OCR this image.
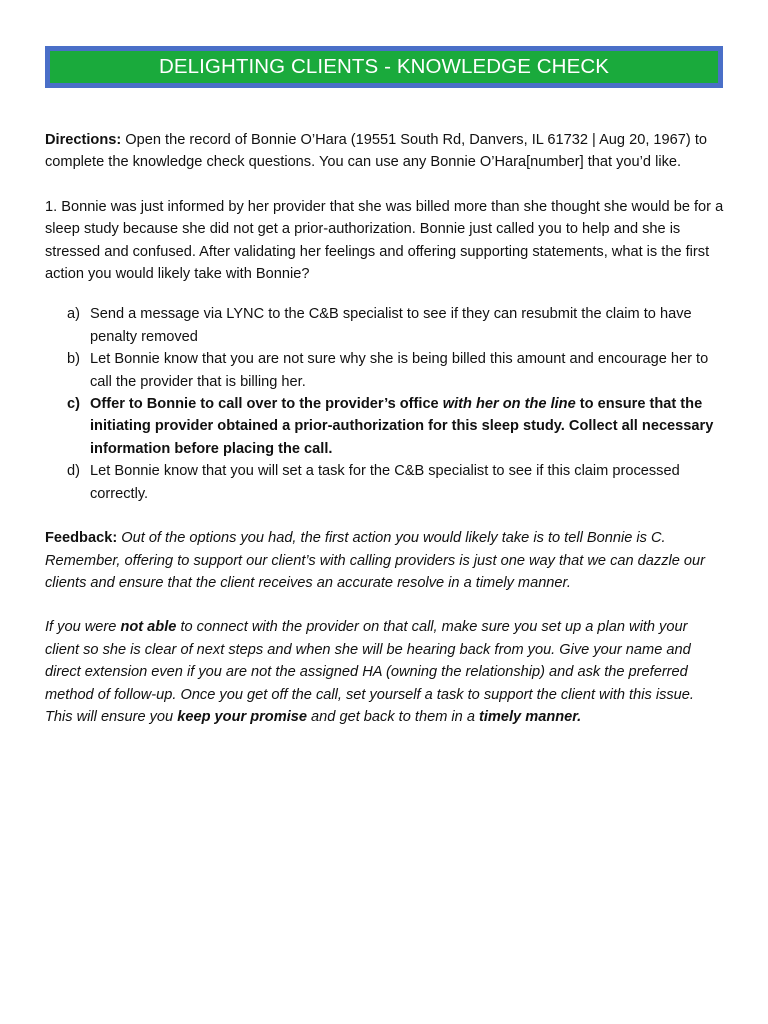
DELIGHTING CLIENTS - KNOWLEDGE CHECK

Directions: Open the record of Bonnie O’Hara (19551 South Rd, Danvers, IL 61732 | Aug 20, 1967) to complete the knowledge check questions. You can use any Bonnie O’Hara[number] that you’d like.

1. Bonnie was just informed by her provider that she was billed more than she thought she would be for a sleep study because she did not get a prior-authorization. Bonnie just called you to help and she is stressed and confused. After validating her feelings and offering supporting statements, what is the first action you would likely take with Bonnie?

a) Send a message via LYNC to the C&B specialist to see if they can resubmit the claim to have penalty removed
b) Let Bonnie know that you are not sure why she is being billed this amount and encourage her to call the provider that is billing her.
c) Offer to Bonnie to call over to the provider’s office with her on the line to ensure that the initiating provider obtained a prior-authorization for this sleep study. Collect all necessary information before placing the call.
d) Let Bonnie know that you will set a task for the C&B specialist to see if this claim processed correctly.

Feedback: Out of the options you had, the first action you would likely take is to tell Bonnie is C. Remember, offering to support our client’s with calling providers is just one way that we can dazzle our clients and ensure that the client receives an accurate resolve in a timely manner.

If you were not able to connect with the provider on that call, make sure you set up a plan with your client so she is clear of next steps and when she will be hearing back from you. Give your name and direct extension even if you are not the assigned HA (owning the relationship) and ask the preferred method of follow-up. Once you get off the call, set yourself a task to support the client with this issue. This will ensure you keep your promise and get back to them in a timely manner.
